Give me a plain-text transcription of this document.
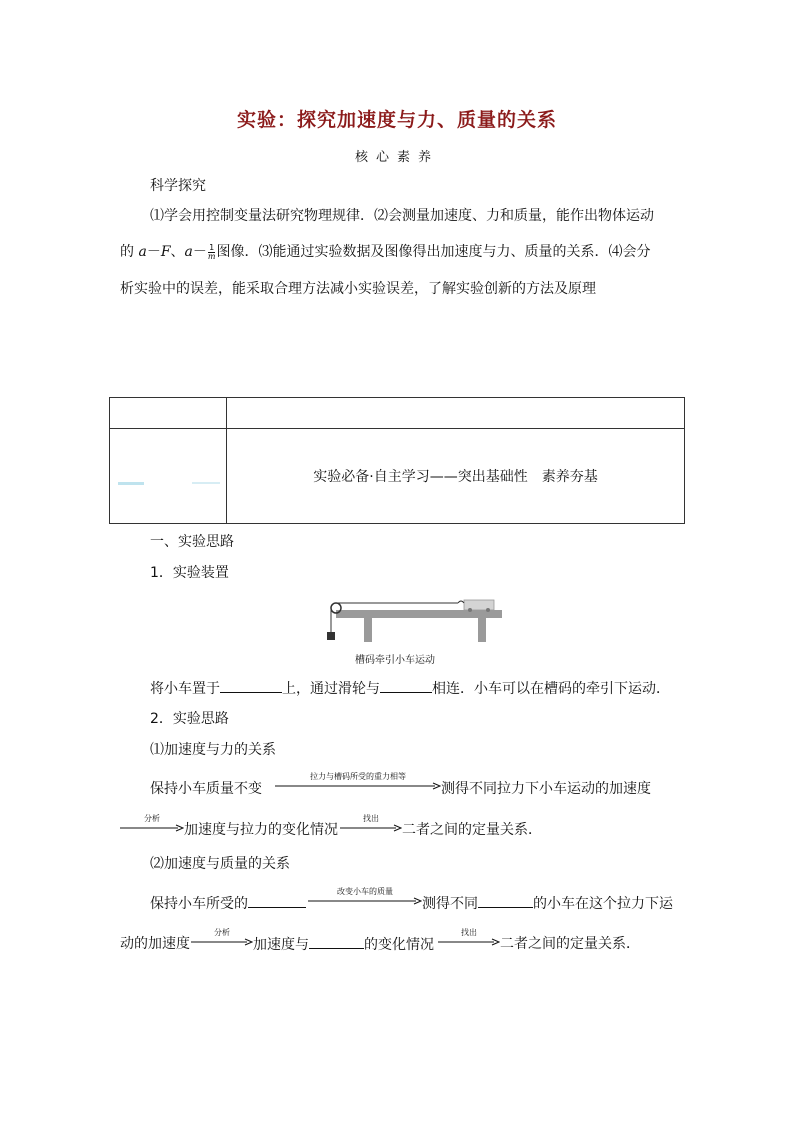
实验：探究加速度与力、质量的关系
核心素养
科学探究
⑴学会用控制变量法研究物理规律．⑵会测量加速度、力和质量，能作出物体运动
的 a－F、$a- \frac{1}{m}$ 图像．⑶能通过实验数据及图像得出加速度与力、质量的关系．⑷会分
析实验中的误差，能采取合理方法减小实验误差，了解实验创新的方法及原理

	实验必备·自主学习——突出基础性　素养夯基
一、实验思路
1．实验装置
槽码牵引小车运动
将小车置于	上，通过滑轮与	相连．小车可以在槽码的牵引下运动．
2．实验思路
⑴加速度与力的关系
保持小车质量不变
拉力与槽码所受的重力相等
测得不同拉力下小车运动的加速度
分析
加速度与拉力的变化情况
找出
二者之间的定量关系．
⑵加速度与质量的关系
保持小车所受的
改变小车的质量
测得不同	的小车在这个拉力下运
动的加速度
分析
加速度与	的变化情况
找出
二者之间的定量关系．
